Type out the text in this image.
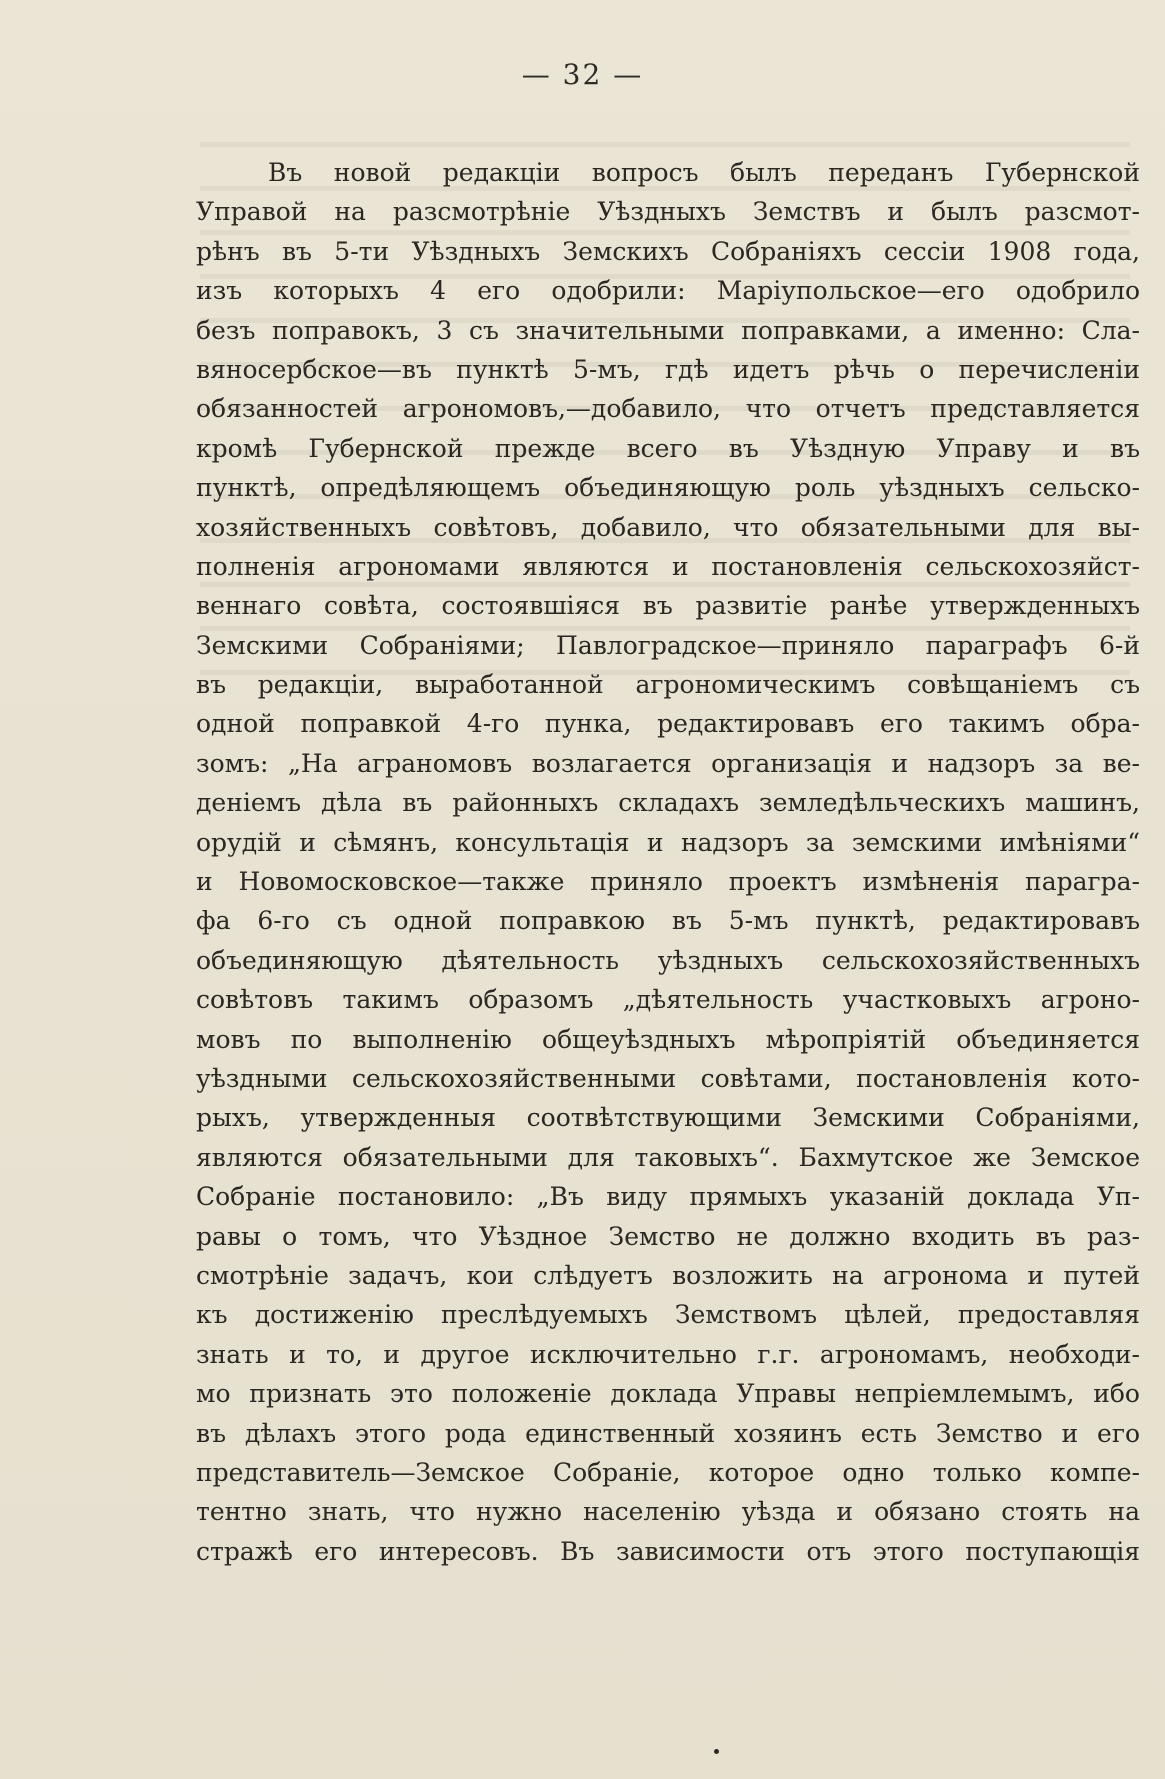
— 32 —
Въ новой редакціи вопросъ былъ переданъ Губернской
Управой на разсмотрѣніе Уѣздныхъ Земствъ и былъ разсмот-
рѣнъ въ 5-ти Уѣздныхъ Земскихъ Собраніяхъ сессіи 1908 года,
изъ которыхъ 4 его одобрили: Маріупольское—его одобрило
безъ поправокъ, 3 съ значительными поправками, а именно: Сла-
вяносербское—въ пунктѣ 5-мъ, гдѣ идетъ рѣчь о перечисленіи
обязанностей агрономовъ,—добавило, что отчетъ представляется
кромѣ Губернской прежде всего въ Уѣздную Управу и въ
пунктѣ, опредѣляющемъ объединяющую роль уѣздныхъ сельско-
хозяйственныхъ совѣтовъ, добавило, что обязательными для вы-
полненія агрономами являются и постановленія сельскохозяйст-
веннаго совѣта, состоявшіяся въ развитіе ранѣе утвержденныхъ
Земскими Собраніями; Павлоградское—приняло параграфъ 6-й
въ редакціи, выработанной агрономическимъ совѣщаніемъ съ
одной поправкой 4-го пунка, редактировавъ его такимъ обра-
зомъ: „На аграномовъ возлагается организація и надзоръ за ве-
деніемъ дѣла въ районныхъ складахъ земледѣльческихъ машинъ,
орудій и сѣмянъ, консультація и надзоръ за земскими имѣніями“
и Новомосковское—также приняло проектъ измѣненія парагра-
фа 6-го съ одной поправкою въ 5-мъ пунктѣ, редактировавъ
объединяющую дѣятельность уѣздныхъ сельскохозяйственныхъ
совѣтовъ такимъ образомъ „дѣятельность участковыхъ агроно-
мовъ по выполненію общеуѣздныхъ мѣропріятій объединяется
уѣздными сельскохозяйственными совѣтами, постановленія кото-
рыхъ, утвержденныя соотвѣтствующими Земскими Собраніями,
являются обязательными для таковыхъ“. Бахмутское же Земское
Собраніе постановило: „Въ виду прямыхъ указаній доклада Уп-
равы о томъ, что Уѣздное Земство не должно входить въ раз-
смотрѣніе задачъ, кои слѣдуетъ возложить на агронома и путей
къ достиженію преслѣдуемыхъ Земствомъ цѣлей, предоставляя
знать и то, и другое исключительно г.г. агрономамъ, необходи-
мо признать это положеніе доклада Управы непріемлемымъ, ибо
въ дѣлахъ этого рода единственный хозяинъ есть Земство и его
представитель—Земское Собраніе, которое одно только компе-
тентно знать, что нужно населенію уѣзда и обязано стоять на
стражѣ его интересовъ. Въ зависимости отъ этого поступающія
